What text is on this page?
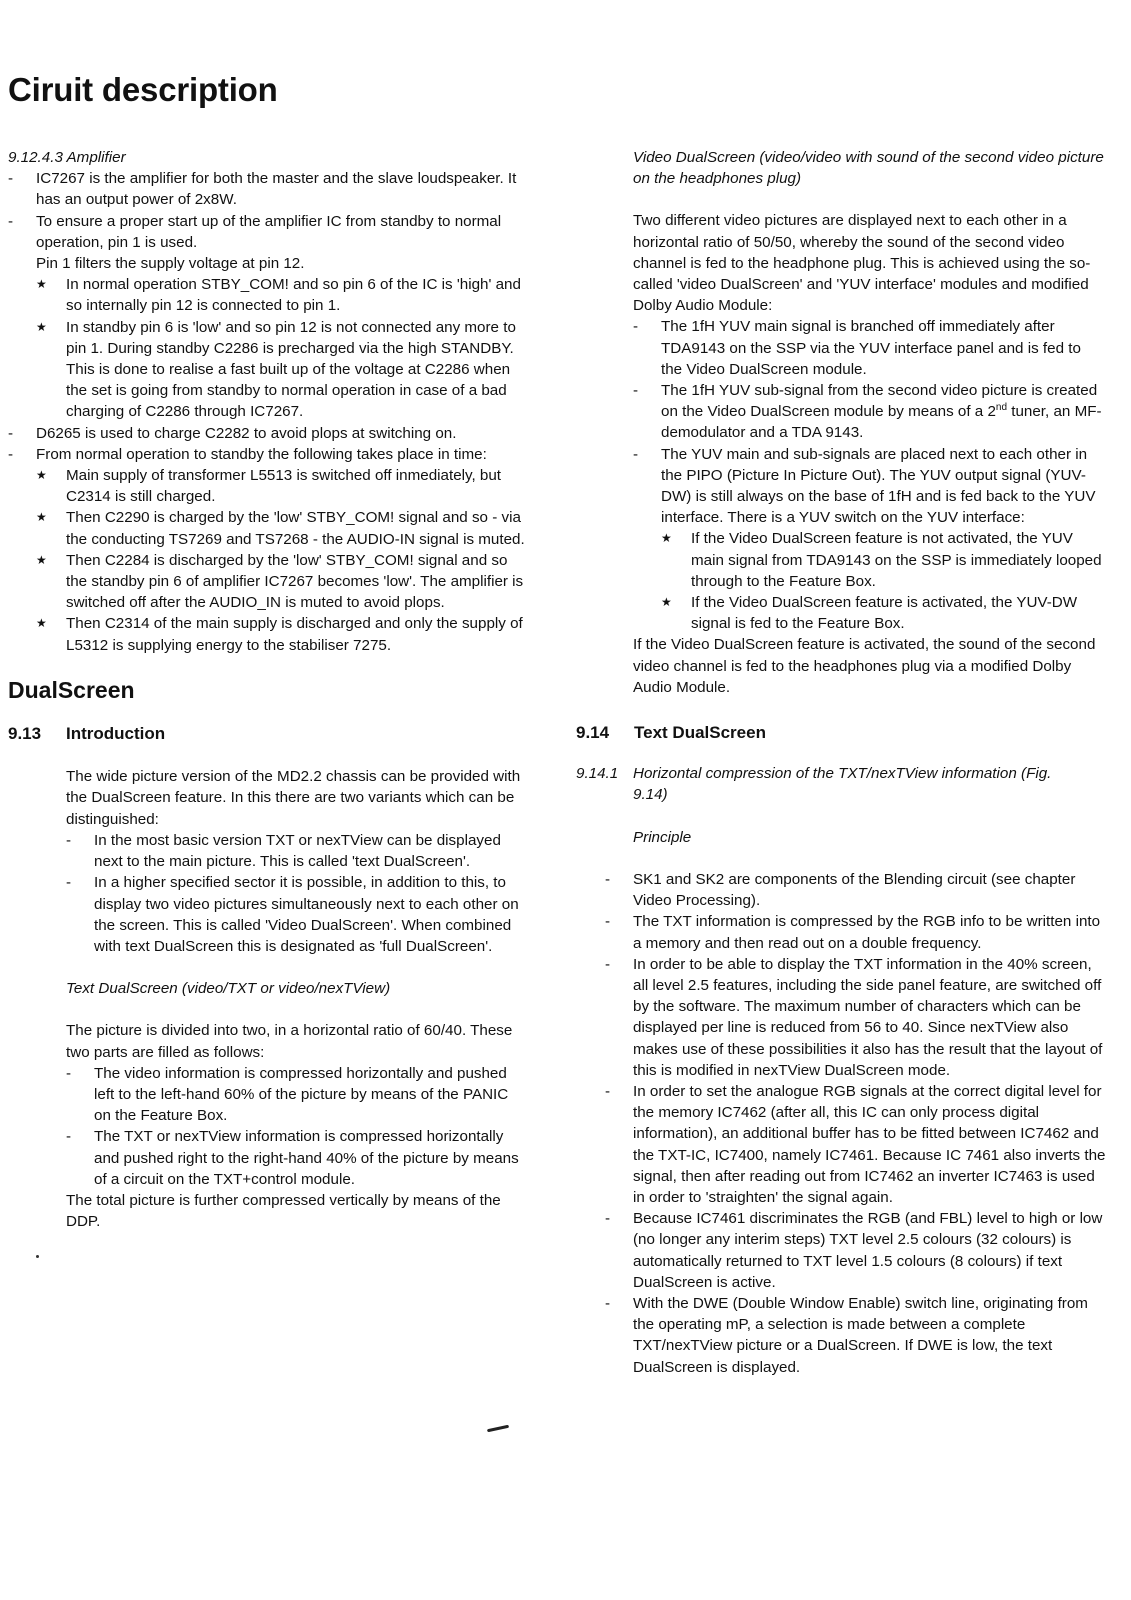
Ciruit description

9.12.4.3 Amplifier

- IC7267 is the amplifier for both the master and the slave loudspeaker. It has an output power of 2x8W.
- To ensure a proper start up of the amplifier IC from standby to normal operation, pin 1 is used.
Pin 1 filters the supply voltage at pin 12.
★ In normal operation STBY_COM! and so pin 6 of the IC is 'high' and so internally pin 12 is connected to pin 1.
★ In standby pin 6 is 'low' and so pin 12 is not connected any more to pin 1. During standby C2286 is precharged via the high STANDBY. This is done to realise a fast built up of the voltage at C2286 when the set is going from standby to normal operation in case of a bad charging of C2286 through IC7267.
- D6265 is used to charge C2282 to avoid plops at switching on.
- From normal operation to standby the following takes place in time:
★ Main supply of transformer L5513 is switched off inmediately, but C2314 is still charged.
★ Then C2290 is charged by the 'low' STBY_COM! signal and so - via the conducting TS7269 and TS7268 - the AUDIO-IN signal is muted.
★ Then C2284 is discharged by the 'low' STBY_COM! signal and so the standby pin 6 of amplifier IC7267 becomes 'low'. The amplifier is switched off after the AUDIO_IN is muted to avoid plops.
★ Then C2314 of the main supply is discharged and only the supply of L5312 is supplying energy to the stabiliser 7275.
DualScreen
9.13	Introduction

The wide picture version of the MD2.2 chassis can be provided with the DualScreen feature. In this there are two variants which can be distinguished:

- In the most basic version TXT or nexTView can be displayed next to the main picture. This is called 'text DualScreen'.
- In a higher specified sector it is possible, in addition to this, to display two video pictures simultaneously next to each other on the screen. This is called 'Video DualScreen'. When combined with text DualScreen this is designated as 'full DualScreen'.

Text DualScreen (video/TXT or video/nexTView)

The picture is divided into two, in a horizontal ratio of 60/40. These two parts are filled as follows:

- The video information is compressed horizontally and pushed left to the left-hand 60% of the picture by means of the PANIC on the Feature Box.
- The TXT or nexTView information is compressed horizontally and pushed right to the right-hand 40% of the picture by means of a circuit on the TXT+control module.

The total picture is further compressed vertically by means of the DDP.

Video DualScreen (video/video with sound of the second video picture on the headphones plug)

Two different video pictures are displayed next to each other in a horizontal ratio of 50/50, whereby the sound of the second video channel is fed to the headphone plug. This is achieved using the so-called 'video DualScreen' and 'YUV interface' modules and modified Dolby Audio Module:

- The 1fH YUV main signal is branched off immediately after TDA9143 on the SSP via the YUV interface panel and is fed to the Video DualScreen module.
- The 1fH YUV sub-signal from the second video picture is created on the Video DualScreen module by means of a 2nd tuner, an MF-demodulator and a TDA 9143.
- The YUV main and sub-signals are placed next to each other in the PIPO (Picture In Picture Out). The YUV output signal (YUV-DW) is still always on the base of 1fH and is fed back to the YUV interface. There is a YUV switch on the YUV interface:
★ If the Video DualScreen feature is not activated, the YUV main signal from TDA9143 on the SSP is immediately looped through to the Feature Box.
★ If the Video DualScreen feature is activated, the YUV-DW signal is fed to the Feature Box.

If the Video DualScreen feature is activated, the sound of the second video channel is fed to the headphones plug via a modified Dolby Audio Module.

9.14	Text DualScreen
9.14.1 Horizontal compression of the TXT/nexTView information (Fig. 9.14)

Principle

- SK1 and SK2 are components of the Blending circuit (see chapter Video Processing).
- The TXT information is compressed by the RGB info to be written into a memory and then read out on a double frequency.
- In order to be able to display the TXT information in the 40% screen, all level 2.5 features, including the side panel feature, are switched off by the software. The maximum number of characters which can be displayed per line is reduced from 56 to 40. Since nexTView also makes use of these possibilities it also has the result that the layout of this is modified in nexTView DualScreen mode.
- In order to set the analogue RGB signals at the correct digital level for the memory IC7462 (after all, this IC can only process digital information), an additional buffer has to be fitted between IC7462 and the TXT-IC, IC7400, namely IC7461. Because IC 7461 also inverts the signal, then after reading out from IC7462 an inverter IC7463 is used in order to 'straighten' the signal again.
- Because IC7461 discriminates the RGB (and FBL) level to high or low (no longer any interim steps) TXT level 2.5 colours (32 colours) is automatically returned to TXT level 1.5 colours (8 colours) if text DualScreen is active.
- With the DWE (Double Window Enable) switch line, originating from the operating mP, a selection is made between a complete TXT/nexTView picture or a DualScreen. If DWE is low, the text DualScreen is displayed.
